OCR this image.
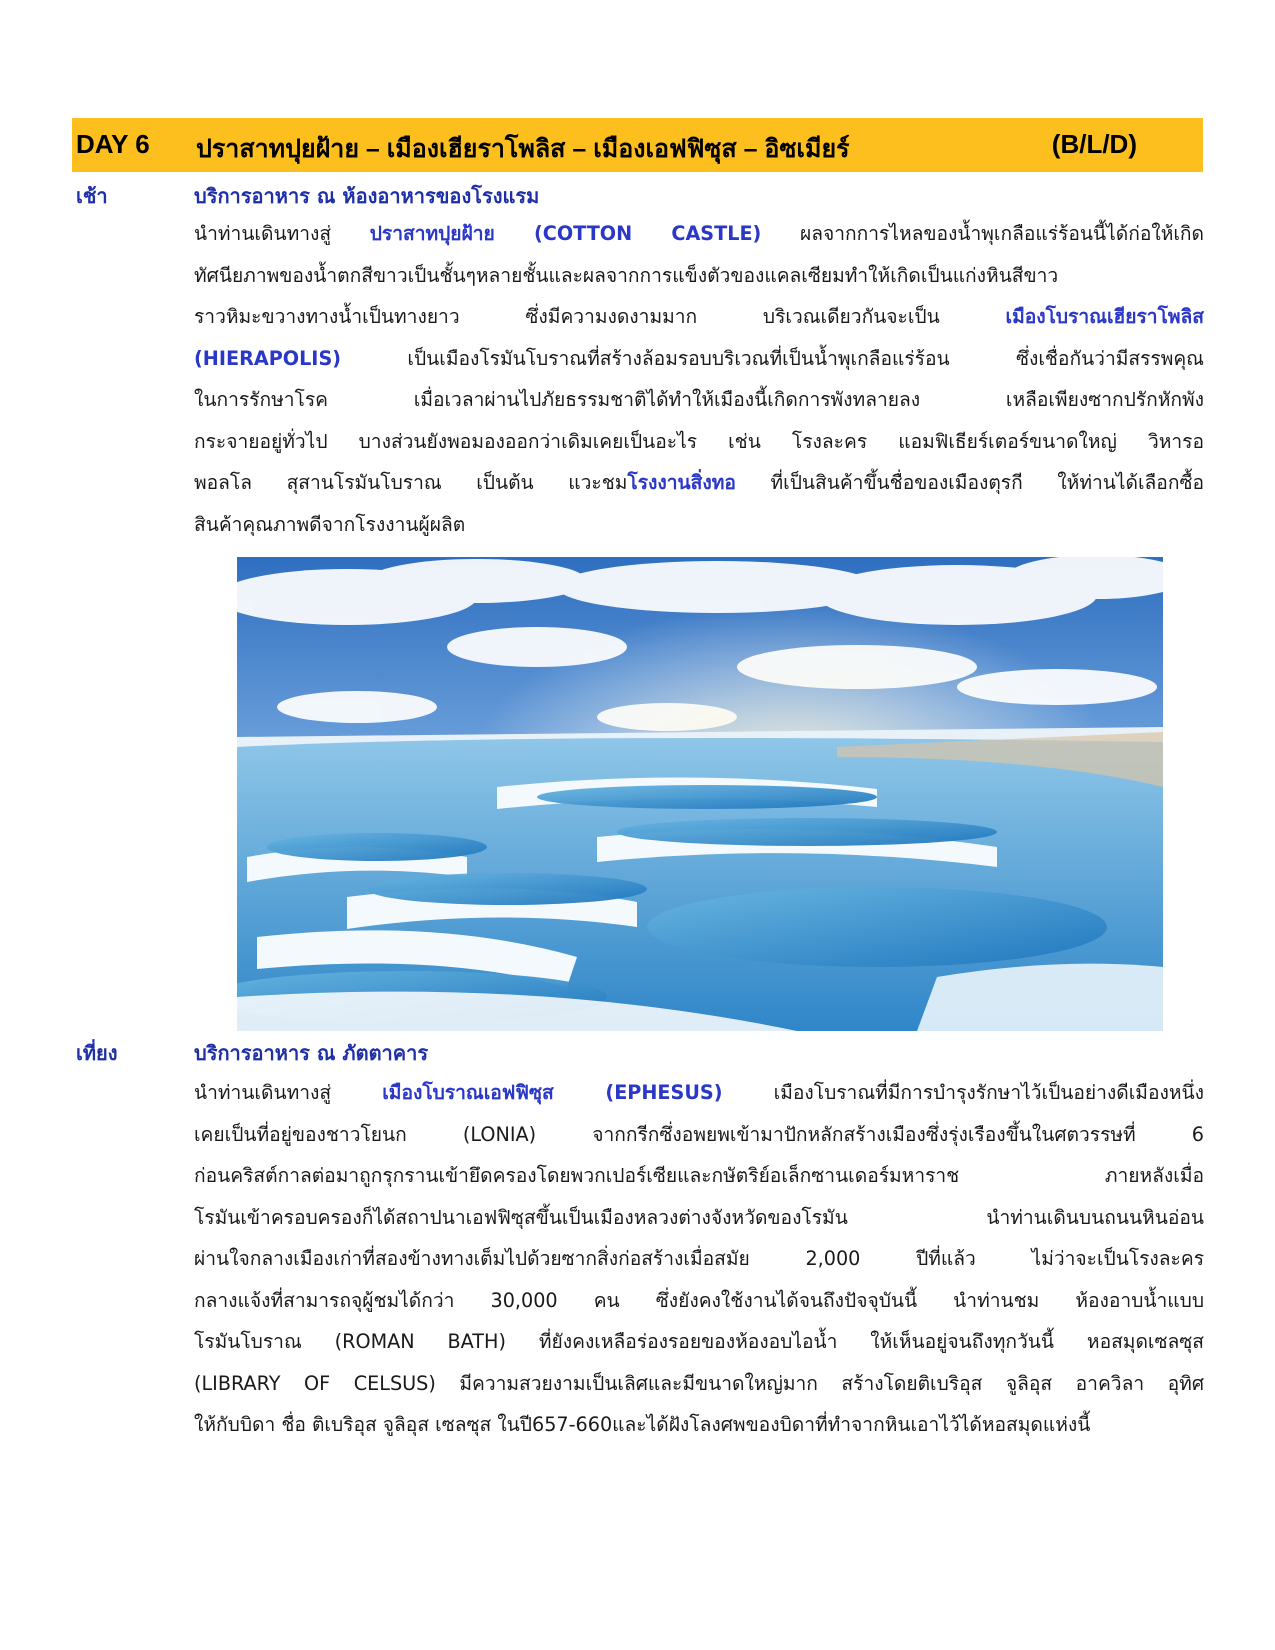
DAY 6 ปราสาทปุยฝ้าย – เมืองเฮียราโพลิส – เมืองเอฟฟิซุส – อิซเมียร์	(B/L/D)
เช้า	บริการอาหาร ณ ห้องอาหารของโรงแรม
นำท่านเดินทางสู่ ปราสาทปุยฝ้าย (COTTON CASTLE) ผลจากการไหลของน้ำพุเกลือแร่ร้อนนี้ได้ก่อให้เกิด
ทัศนียภาพของน้ำตกสีขาวเป็นชั้นๆหลายชั้นและผลจากการแข็งตัวของแคลเซียมทำให้เกิดเป็นแก่งหินสีขาว
ราวหิมะขวางทางน้ำเป็นทางยาว ซึ่งมีความงดงามมาก บริเวณเดียวกันจะเป็น เมืองโบราณเฮียราโพลิส
(HIERAPOLIS) เป็นเมืองโรมันโบราณที่สร้างล้อมรอบบริเวณที่เป็นน้ำพุเกลือแร่ร้อน ซึ่งเชื่อกันว่ามีสรรพคุณ
ในการรักษาโรค เมื่อเวลาผ่านไปภัยธรรมชาติได้ทำให้เมืองนี้เกิดการพังทลายลง เหลือเพียงซากปรักหักพัง
กระจายอยู่ทั่วไป บางส่วนยังพอมองออกว่าเดิมเคยเป็นอะไร เช่น โรงละคร แอมฟิเธียร์เตอร์ขนาดใหญ่ วิหารอ
พอลโล สุสานโรมันโบราณ เป็นต้น แวะชมโรงงานสิ่งทอ ที่เป็นสินค้าขึ้นชื่อของเมืองตุรกี ให้ท่านได้เลือกซื้อ
สินค้าคุณภาพดีจากโรงงานผู้ผลิต
เที่ยง	บริการอาหาร ณ ภัตตาคาร
นำท่านเดินทางสู่ เมืองโบราณเอฟฟิซุส (EPHESUS) เมืองโบราณที่มีการบำรุงรักษาไว้เป็นอย่างดีเมืองหนึ่ง
เคยเป็นที่อยู่ของชาวโยนก (LONIA) จากกรีกซึ่งอพยพเข้ามาปักหลักสร้างเมืองซึ่งรุ่งเรืองขึ้นในศตวรรษที่ 6
ก่อนคริสต์กาลต่อมาถูกรุกรานเข้ายึดครองโดยพวกเปอร์เซียและกษัตริย์อเล็กซานเดอร์มหาราช ภายหลังเมื่อ
โรมันเข้าครอบครองก็ได้สถาปนาเอฟฟิซุสขึ้นเป็นเมืองหลวงต่างจังหวัดของโรมัน นำท่านเดินบนถนนหินอ่อน
ผ่านใจกลางเมืองเก่าที่สองข้างทางเต็มไปด้วยซากสิ่งก่อสร้างเมื่อสมัย 2,000 ปีที่แล้ว ไม่ว่าจะเป็นโรงละคร
กลางแจ้งที่สามารถจุผู้ชมได้กว่า 30,000 คน ซึ่งยังคงใช้งานได้จนถึงปัจจุบันนี้ นำท่านชม ห้องอาบน้ำแบบ
โรมันโบราณ (ROMAN BATH) ที่ยังคงเหลือร่องรอยของห้องอบไอน้ำ ให้เห็นอยู่จนถึงทุกวันนี้ หอสมุดเซลซุส
(LIBRARY OF CELSUS) มีความสวยงามเป็นเลิศและมีขนาดใหญ่มาก สร้างโดยติเบริอุส จูลิอุส อาควิลา อุทิศ
ให้กับบิดา ชื่อ ติเบริอุส จูลิอุส เซลซุส ในปี657-660และได้ฝังโลงศพของบิดาที่ทำจากหินเอาไว้ได้หอสมุดแห่งนี้
